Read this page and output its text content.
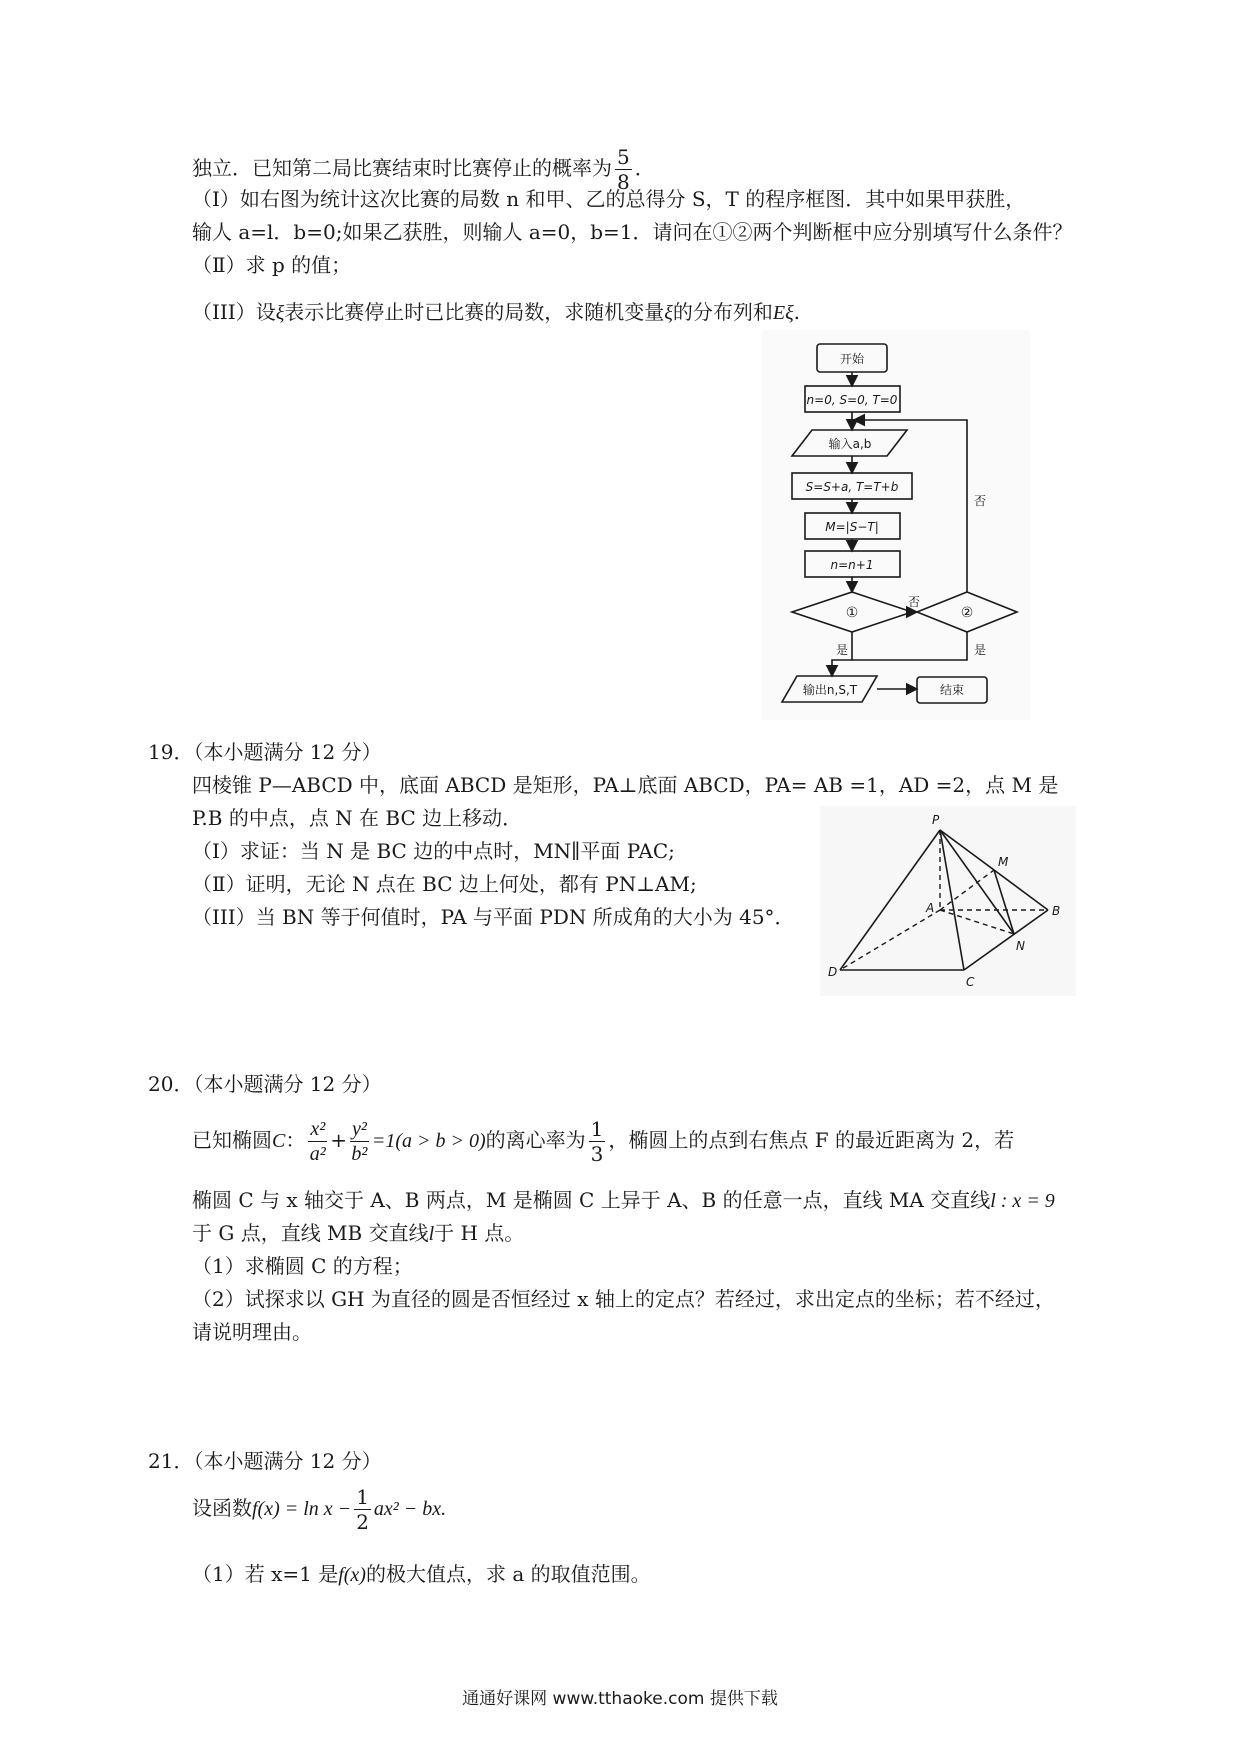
独立．已知第二局比赛结束时比赛停止的概率为 $\frac{5}{8}$ ．
（I）如右图为统计这次比赛的局数 n 和甲、乙的总得分 S，T 的程序框图．其中如果甲获胜，
输人 a=l．b=0;如果乙获胜，则输人 a=0，b=1．请问在①②两个判断框中应分别填写什么条件？
（Ⅱ）求 p 的值；
（III）设ξ表示比赛停止时已比赛的局数，求随机变量ξ的分布列和Eξ.
开始
n=0, S=0, T=0
输入a,b
S=S+a, T=T+b
M=|S−T|
n=n+1
①	②
否
否
是	是
输出n,S,T	结束
19．（本小题满分 12 分）
四棱锥 P—ABCD 中，底面 ABCD 是矩形，PA⊥底面 ABCD，PA= AB =1，AD =2，点 M 是
P.B 的中点，点 N 在 BC 边上移动．
（I）求证：当 N 是 BC 边的中点时，MN∥平面 PAC;
（Ⅱ）证明，无论 N 点在 BC 边上何处，都有 PN⊥AM;
（III）当 BN 等于何值时，PA 与平面 PDN 所成角的大小为 45°．
P
M
A	B
N
D
C
20．（本小题满分 12 分）
已知椭圆C： $\frac{\text{x²}}{\text{a²}} + \frac{\text{y²}}{\text{b²}} =1(a > b > 0)$的离心率为 $\frac{1}{3}$ ，椭圆上的点到右焦点 F 的最近距离为 2，若
椭圆 C 与 x 轴交于 A、B 两点，M 是椭圆 C 上异于 A、B 的任意一点，直线 MA 交直线l : x = 9
于 G 点，直线 MB 交直线l于 H 点。
（1）求椭圆 C 的方程；
（2）试探求以 GH 为直径的圆是否恒经过 x 轴上的定点？若经过，求出定点的坐标；若不经过，
请说明理由。
21．（本小题满分 12 分）
设函数$f(x) = \ln x - \frac{1}{2} ax^2$ − bx.
（1）若 x=1 是f(x)的极大值点，求 a 的取值范围。
通通好课网 www.tthaoke.com 提供下载
